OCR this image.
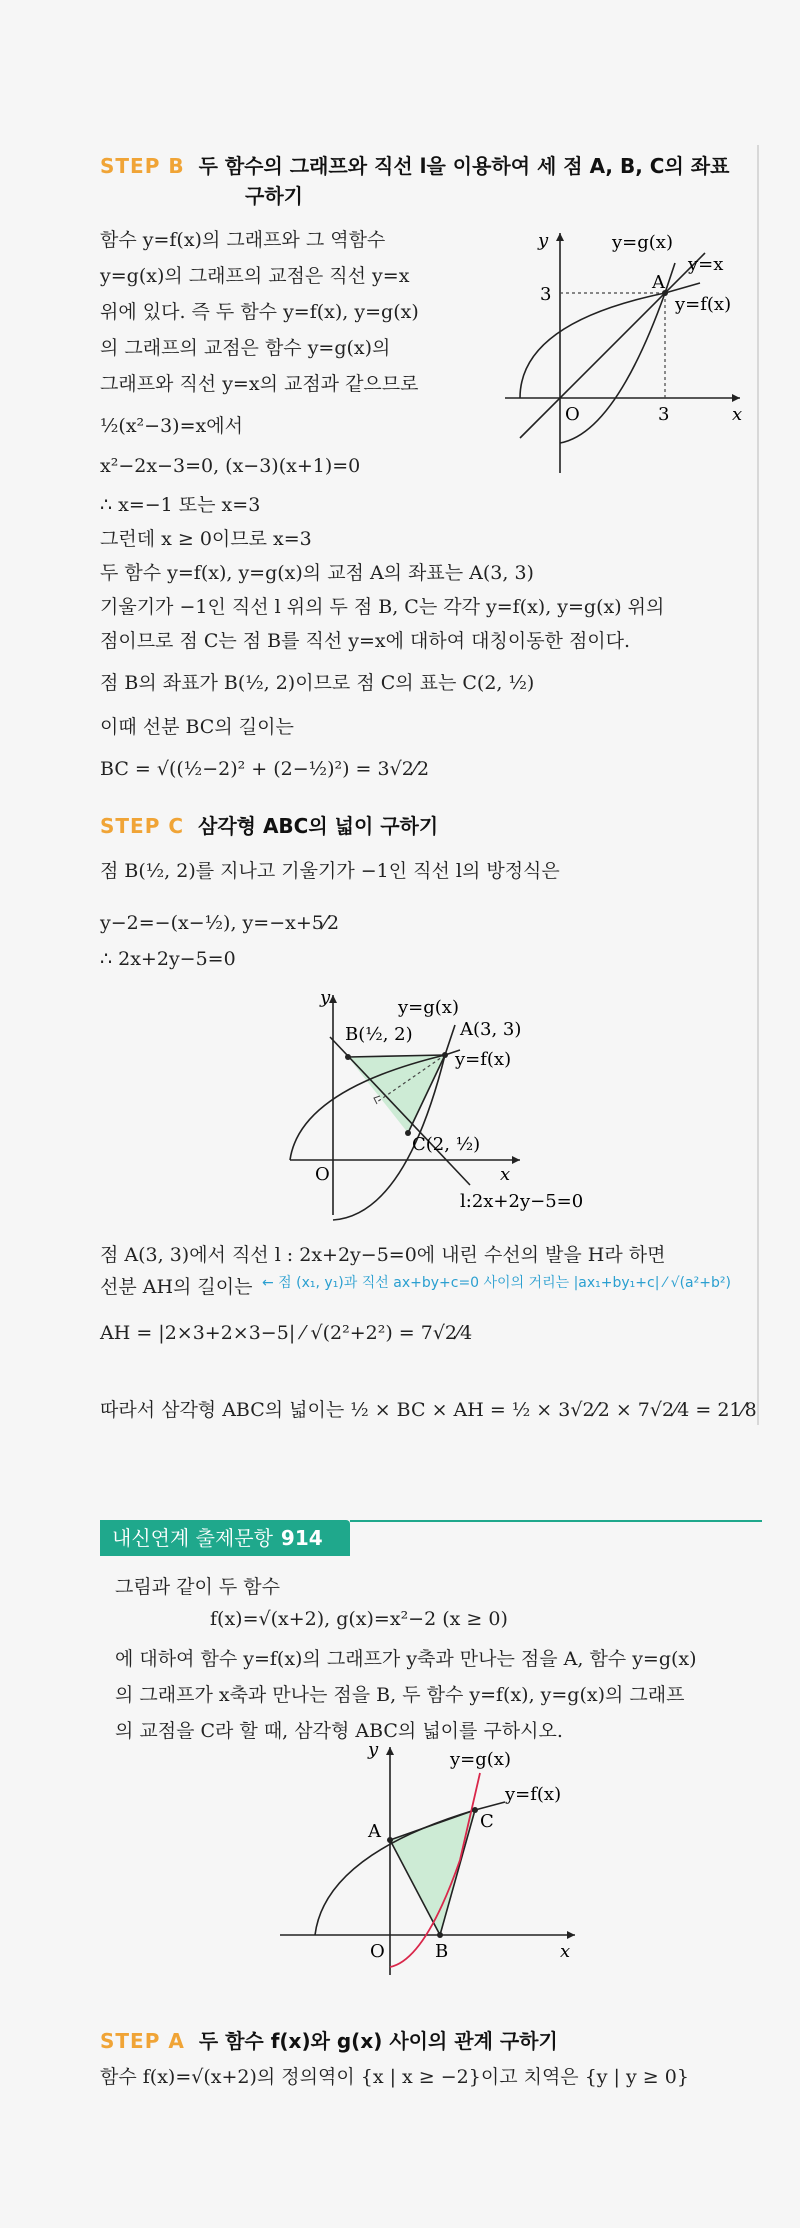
STEP B 두 함수의 그래프와 직선 l을 이용하여 세 점 A, B, C의 좌표
구하기
함수 y=f(x)의 그래프와 그 역함수
y=g(x)의 그래프의 교점은 직선 y=x
위에 있다. 즉 두 함수 y=f(x), y=g(x)
의 그래프의 교점은 함수 y=g(x)의
그래프와 직선 y=x의 교점과 같으므로
½(x²−3)=x에서
x²−2x−3=0, (x−3)(x+1)=0
∴ x=−1 또는 x=3
그런데 x ≥ 0이므로 x=3
두 함수 y=f(x), y=g(x)의 교점 A의 좌표는 A(3, 3)
기울기가 −1인 직선 l 위의 두 점 B, C는 각각 y=f(x), y=g(x) 위의
점이므로 점 C는 점 B를 직선 y=x에 대하여 대칭이동한 점이다.
점 B의 좌표가 B(½, 2)이므로 점 C의 표는 C(2, ½)
이때 선분 BC의 길이는
BC = √((½−2)² + (2−½)²) = 3√2⁄2
y=g(x)
y=x
A
y=f(x)
y
x
O
3
3
STEP C 삼각형 ABC의 넓이 구하기
점 B(½, 2)를 지나고 기울기가 −1인 직선 l의 방정식은
y−2=−(x−½), y=−x+5⁄2
∴ 2x+2y−5=0
y	y=g(x)
A(3, 3)
B(½, 2)
y=f(x)
C(2, ½)
O	x
l:2x+2y−5=0
점 A(3, 3)에서 직선 l : 2x+2y−5=0에 내린 수선의 발을 H라 하면
선분 AH의 길이는 ← 점 (x₁, y₁)과 직선 ax+by+c=0 사이의 거리는 |ax₁+by₁+c| ⁄ √(a²+b²)
AH = |2×3+2×3−5| ⁄ √(2²+2²) = 7√2⁄4
따라서 삼각형 ABC의 넓이는 ½ × BC × AH = ½ × 3√2⁄2 × 7√2⁄4 = 21⁄8
내신연계 출제문항 914
그림과 같이 두 함수
f(x)=√(x+2), g(x)=x²−2 (x ≥ 0)
에 대하여 함수 y=f(x)의 그래프가 y축과 만나는 점을 A, 함수 y=g(x)
의 그래프가 x축과 만나는 점을 B, 두 함수 y=f(x), y=g(x)의 그래프
의 교점을 C라 할 때, 삼각형 ABC의 넓이를 구하시오.
y	y=g(x)
y=f(x)
A	C
O	B	x
STEP A 두 함수 f(x)와 g(x) 사이의 관계 구하기
함수 f(x)=√(x+2)의 정의역이 {x | x ≥ −2}이고 치역은 {y | y ≥ 0}
